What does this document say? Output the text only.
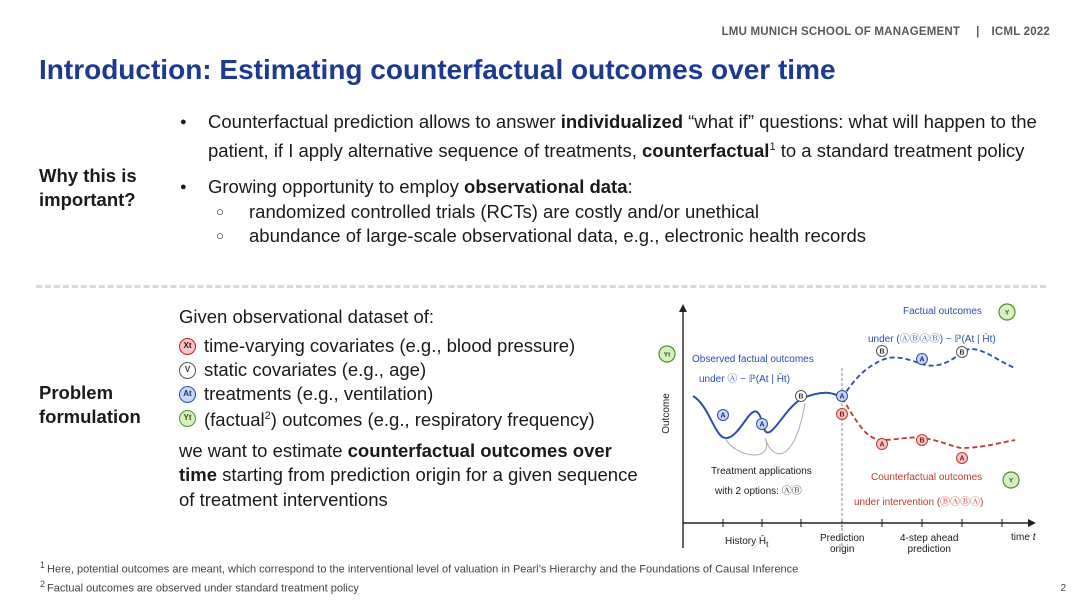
LMU MUNICH SCHOOL OF MANAGEMENT | ICML 2022
Introduction: Estimating counterfactual outcomes over time
Why this is important?
● Counterfactual prediction allows to answer individualized “what if” questions: what will happen to the patient, if I apply alternative sequence of treatments, counterfactual$^1$ to a standard treatment policy
● Growing opportunity to employ observational data:
○ randomized controlled trials (RCTs) are costly and/or unethical
○ abundance of large-scale observational data, e.g., electronic health records
Problem formulation
Given observational dataset of:
Xt time-varying covariates (e.g., blood pressure)
V static covariates (e.g., age)
At treatments (e.g., ventilation)
Yt (factual$^2$) outcomes (e.g., respiratory frequency)
we want to estimate counterfactual outcomes over time starting from prediction origin for a given sequence of treatment interventions
A
A
B	A
B
B
A
B
A
B
A
Yt
Y
Y
Factual outcomes
under (ⒶⒷⒶⒷ) ~ ℙ(At | H̄t)
Observed factual outcomes
under Ⓐ ~ ℙ(At | H̄t)
Outcome
Treatment applications
with 2 options: ⒶⒷ
Counterfactual outcomes
under intervention (ⒷⒶⒷⒶ)
History $H̄_t$	Prediction
origin
4-step ahead
prediction
time t
$^1$ Here, potential outcomes are meant, which correspond to the interventional level of valuation in Pearl’s Hierarchy and the Foundations of Causal Inference
$^2$ Factual outcomes are observed under standard treatment policy	2
